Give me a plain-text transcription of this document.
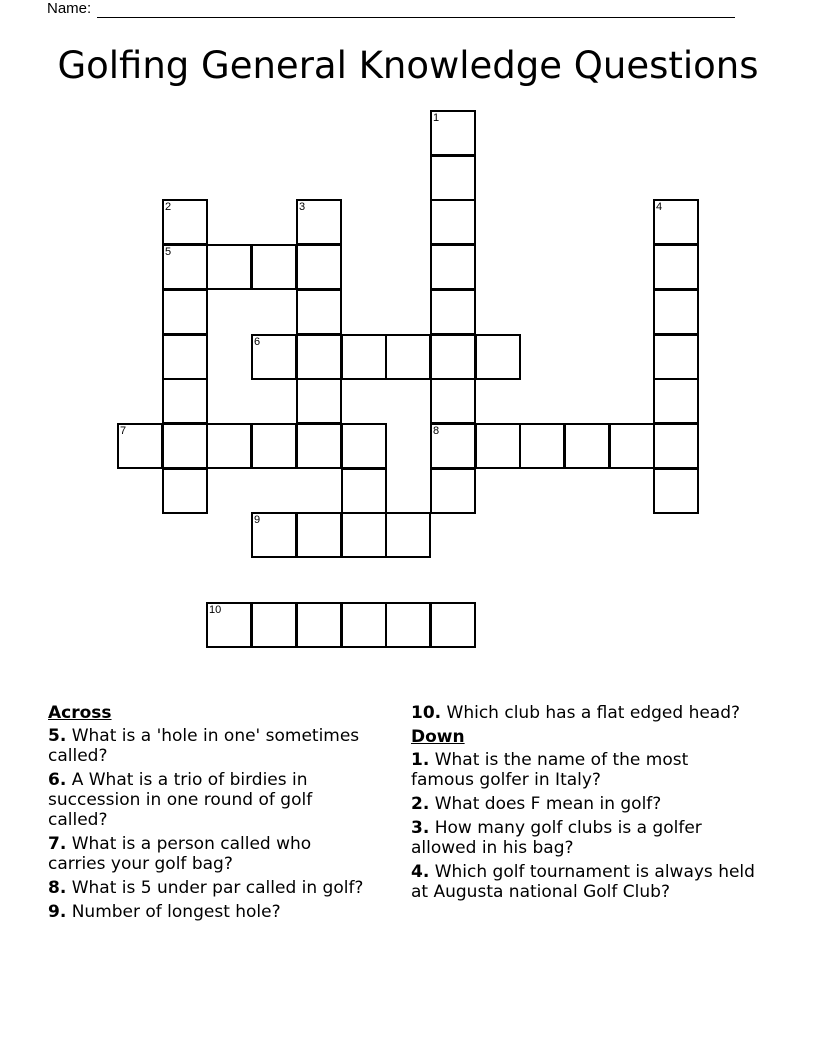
Name:
Golfing General Knowledge Questions
1
2	3	4
5
6
7	8
9
10
Across
5. What is a 'hole in one' sometimes called?
6. A What is a trio of birdies in succession in one round of golf called?
7. What is a person called who carries your golf bag?
8. What is 5 under par called in golf?
9. Number of longest hole?
10. Which club has a flat edged head?
Down
1. What is the name of the most famous golfer in Italy?
2. What does F mean in golf?
3. How many golf clubs is a golfer allowed in his bag?
4. Which golf tournament is always held at Augusta national Golf Club?
